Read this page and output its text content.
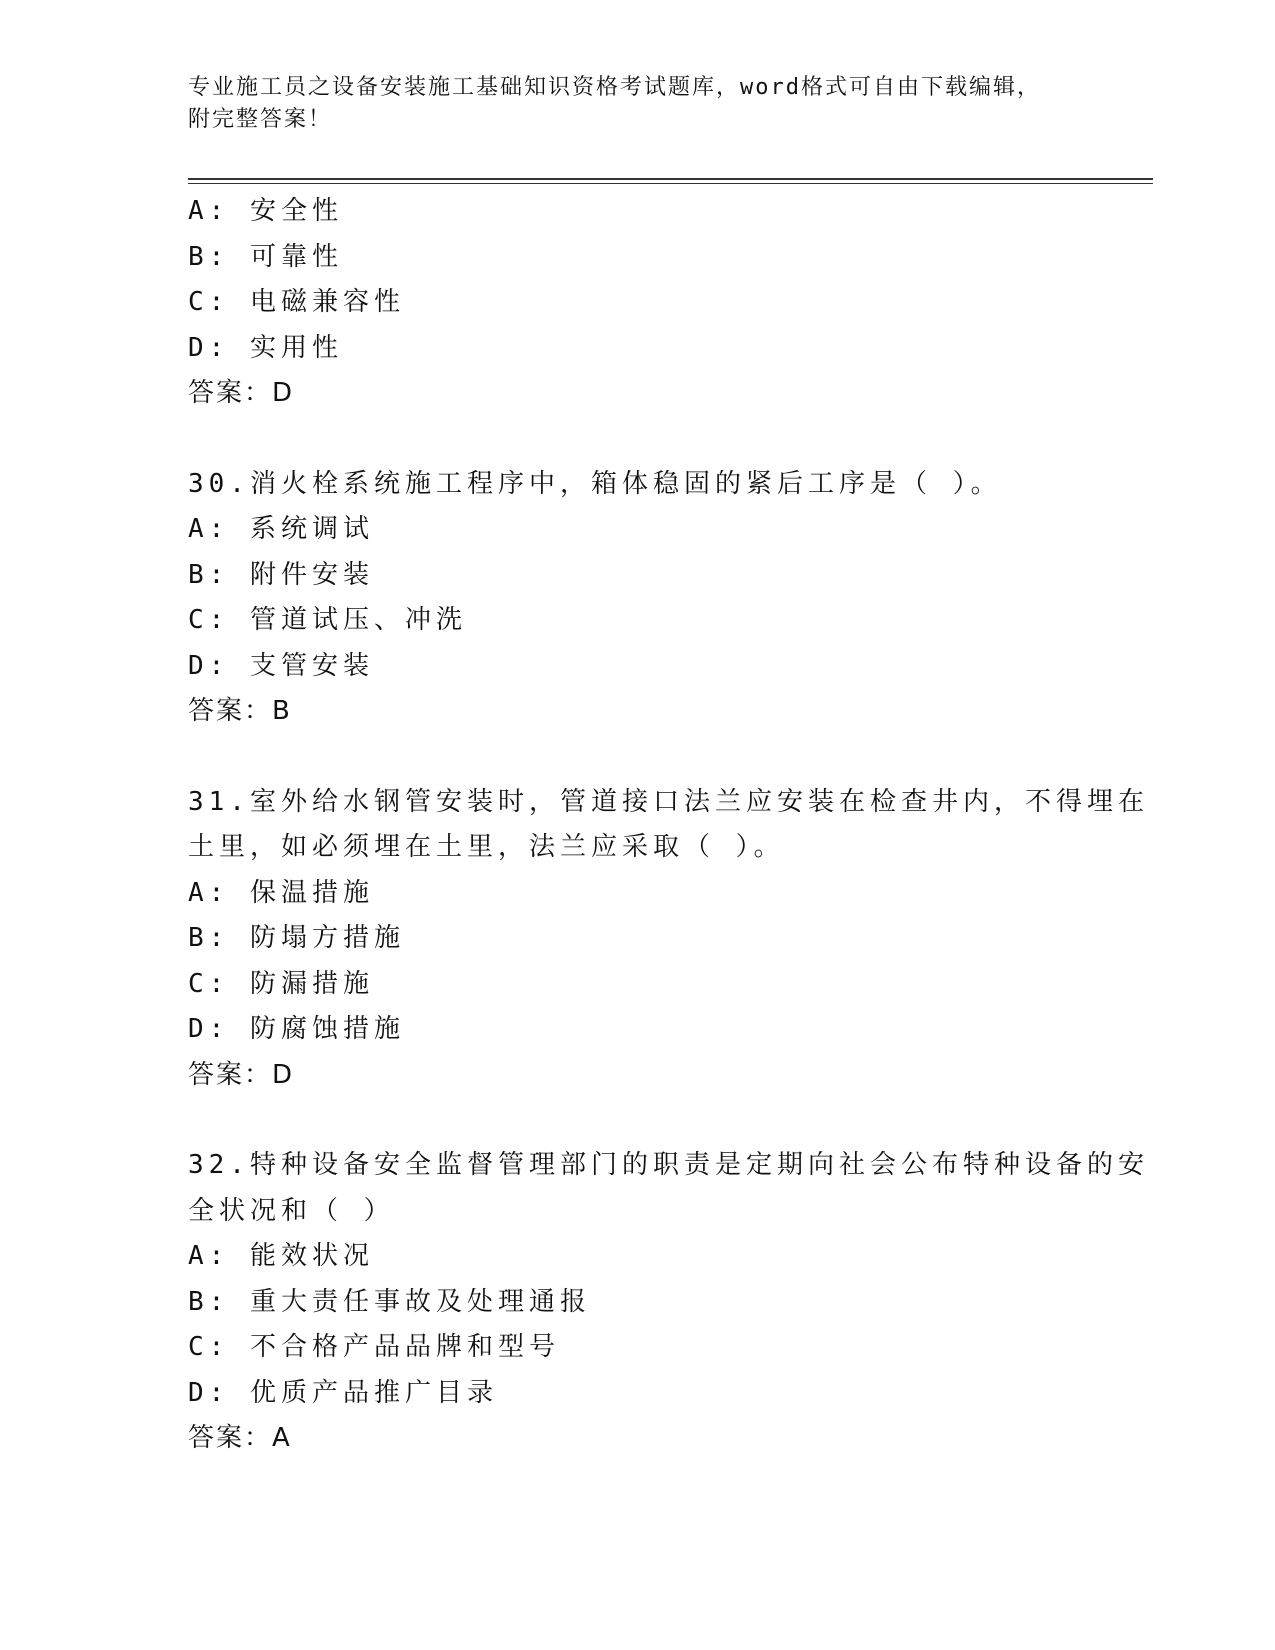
专业施工员之设备安装施工基础知识资格考试题库，word格式可自由下载编辑，
附完整答案！
A: 安全性
B: 可靠性
C: 电磁兼容性
D: 实用性
答案：D
30.消火栓系统施工程序中，箱体稳固的紧后工序是（ ）。
A: 系统调试
B: 附件安装
C: 管道试压、冲洗
D: 支管安装
答案：B
31.室外给水钢管安装时，管道接口法兰应安装在检查井内，不得埋在
土里，如必须埋在土里，法兰应采取（ ）。
A: 保温措施
B: 防塌方措施
C: 防漏措施
D: 防腐蚀措施
答案：D
32.特种设备安全监督管理部门的职责是定期向社会公布特种设备的安
全状况和（ ）
A: 能效状况
B: 重大责任事故及处理通报
C: 不合格产品品牌和型号
D: 优质产品推广目录
答案：A
